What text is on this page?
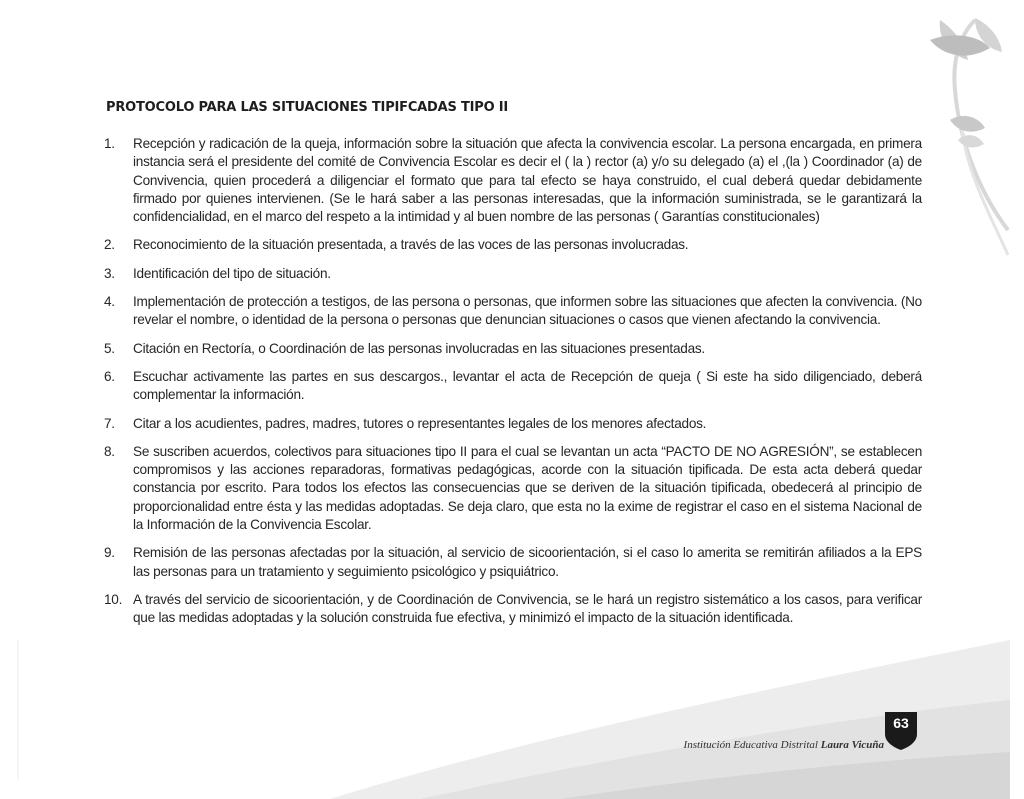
PROTOCOLO PARA LAS SITUACIONES TIPIFCADAS TIPO II
1. Recepción y radicación de la queja, información sobre la situación que afecta la convivencia escolar. La persona encargada, en primera instancia será el presidente del comité de Convivencia Escolar es decir el ( la ) rector (a) y/o su delegado (a) el ,(la ) Coordinador (a) de Convivencia, quien procederá a diligenciar el formato que para tal efecto se haya construido, el cual deberá quedar debidamente firmado por quienes intervienen. (Se le hará saber a las personas interesadas, que la información suministrada, se le garantizará la confidencialidad, en el marco del respeto a la intimidad y al buen nombre de las personas ( Garantías constitucionales)
2. Reconocimiento de la situación presentada, a través de las voces de las personas involucradas.
3. Identificación del tipo de situación.
4. Implementación de protección a testigos, de las persona o personas, que informen sobre las situaciones que afecten la convivencia. (No revelar el nombre, o identidad de la persona o personas que denuncian situaciones o casos que vienen afectando la convivencia.
5. Citación en Rectoría, o Coordinación de las personas involucradas en las situaciones presentadas.
6. Escuchar activamente las partes en sus descargos., levantar el acta de Recepción de queja ( Si este ha sido diligenciado, deberá complementar la información.
7. Citar a los acudientes, padres, madres, tutores o representantes legales de los menores afectados.
8. Se suscriben acuerdos, colectivos para situaciones tipo II para el cual se levantan un acta “PACTO DE NO AGRESIÓN”, se establecen compromisos y las acciones reparadoras, formativas pedagógicas, acorde con la situación tipificada. De esta acta deberá quedar constancia por escrito. Para todos los efectos las consecuencias que se deriven de la situación tipificada, obedecerá al principio de proporcionalidad entre ésta y las medidas adoptadas. Se deja claro, que esta no la exime de registrar el caso en el sistema Nacional de la Información de la Convivencia Escolar.
9. Remisión de las personas afectadas por la situación, al servicio de sicoorientación, si el caso lo amerita se remitirán afiliados a la EPS las personas para un tratamiento y seguimiento psicológico y psiquiátrico.
10. A través del servicio de sicoorientación, y de Coordinación de Convivencia, se le hará un registro sistemático a los casos, para verificar que las medidas adoptadas y la solución construida fue efectiva, y minimizó el impacto de la situación identificada.
Institución Educativa Distrital Laura Vicuña
63
